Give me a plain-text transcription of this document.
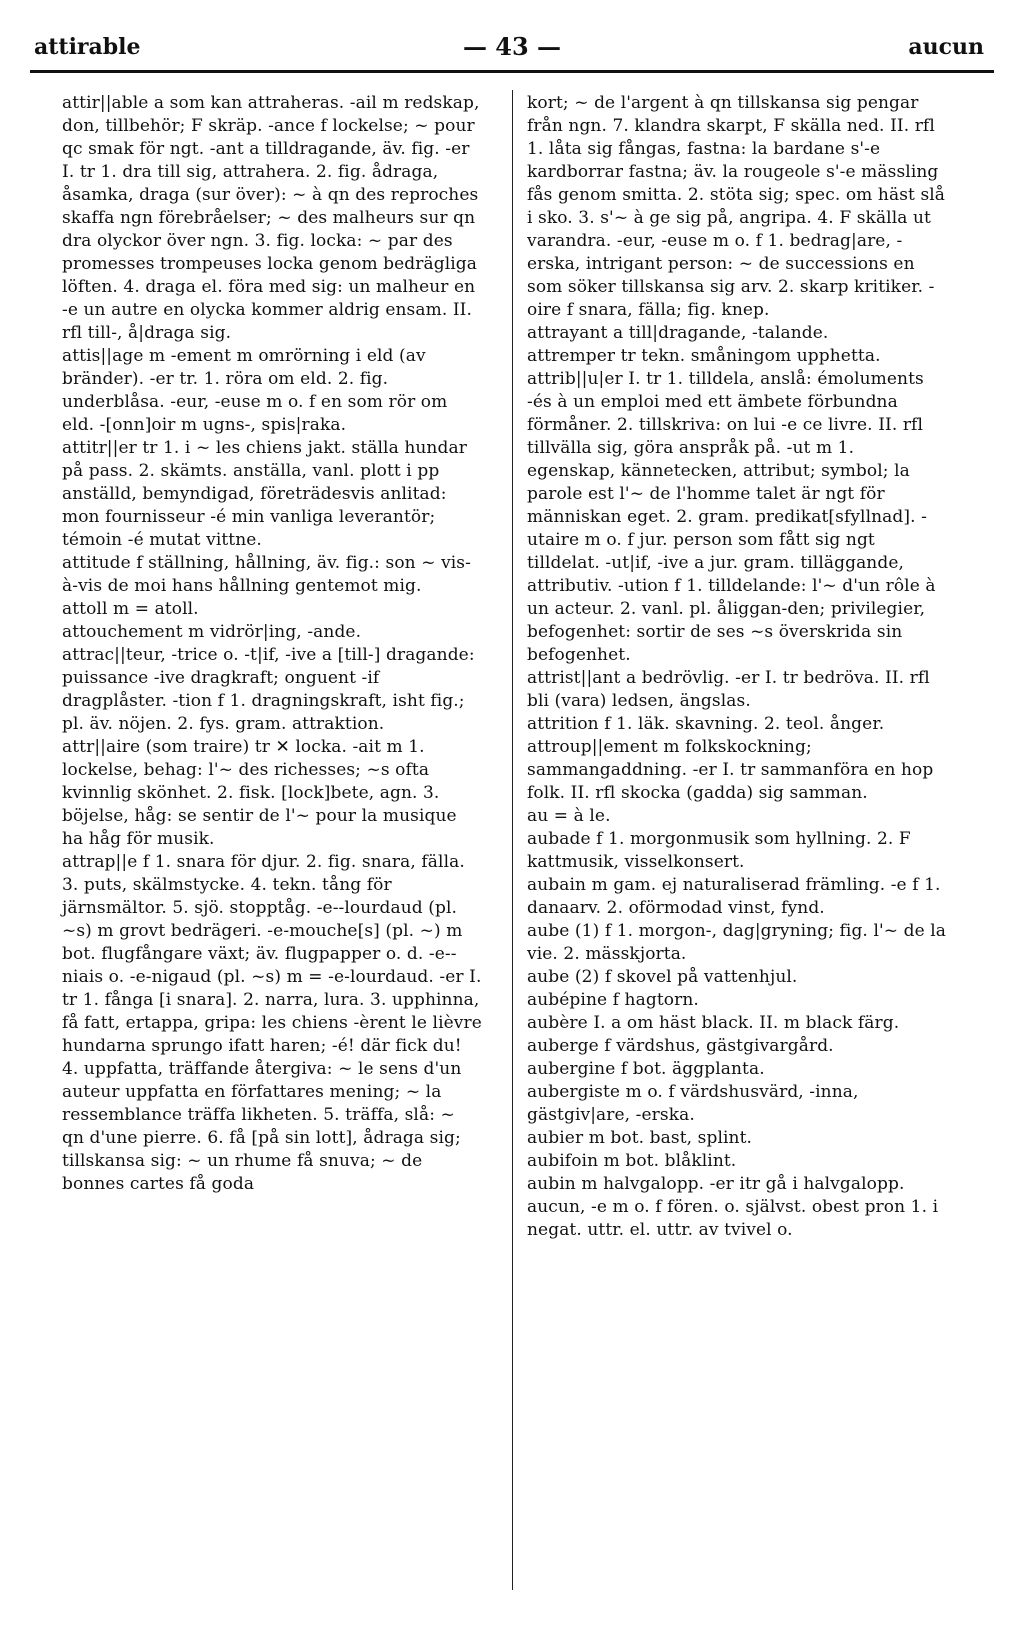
attirable	— 43 —	aucun

attir||able a som kan attraheras. -ail m redskap, don, tillbehör; F skräp. -ance f lockelse; ~ pour qc smak för ngt. -ant a tilldragande, äv. fig. -er I. tr 1. dra till sig, attrahera. 2. fig. ådraga, åsamka, draga (sur över): ~ à qn des reproches skaffa ngn förebråelser; ~ des malheurs sur qn dra olyckor över ngn. 3. fig. locka: ~ par des promesses trompeuses locka genom bedrägliga löften. 4. draga el. föra med sig: un malheur en -e un autre en olycka kommer aldrig ensam. II. rfl till-, å|draga sig.

attis||age m -ement m omrörning i eld (av bränder). -er tr. 1. röra om eld. 2. fig. underblåsa. -eur, -euse m o. f en som rör om eld. -[onn]oir m ugns-, spis|raka.

attitr||er tr 1. i ~ les chiens jakt. ställa hundar på pass. 2. skämts. anställa, vanl. plott i pp anställd, bemyndigad, företrädesvis anlitad: mon fournisseur -é min vanliga leverantör; témoin -é mutat vittne.

attitude f ställning, hållning, äv. fig.: son ~ vis-à-vis de moi hans hållning gentemot mig.

attoll m = atoll.

attouchement m vidrör|ing, -ande.

attrac||teur, -trice o. -t|if, -ive a [till-] dragande: puissance -ive dragkraft; onguent -if dragplåster. -tion f 1. dragningskraft, isht fig.; pl. äv. nöjen. 2. fys. gram. attraktion.

attr||aire (som traire) tr ✕ locka. -ait m 1. lockelse, behag: l'~ des richesses; ~s ofta kvinnlig skönhet. 2. fisk. [lock]bete, agn. 3. böjelse, håg: se sentir de l'~ pour la musique ha håg för musik.

attrap||e f 1. snara för djur. 2. fig. snara, fälla. 3. puts, skälmstycke. 4. tekn. tång för järnsmältor. 5. sjö. stopptåg. -e--lourdaud (pl. ~s) m grovt bedrägeri. -e-mouche[s] (pl. ~) m bot. flugfångare växt; äv. flugpapper o. d. -e--niais o. -e-nigaud (pl. ~s) m = -e-lourdaud. -er I. tr 1. fånga [i snara]. 2. narra, lura. 3. upphinna, få fatt, ertappa, gripa: les chiens -èrent le lièvre hundarna sprungo ifatt haren; -é! där fick du! 4. uppfatta, träffande återgiva: ~ le sens d'un auteur uppfatta en författares mening; ~ la ressemblance träffa likheten. 5. träffa, slå: ~ qn d'une pierre. 6. få [på sin lott], ådraga sig; tillskansa sig: ~ un rhume få snuva; ~ de bonnes cartes få goda

kort; ~ de l'argent à qn tillskansa sig pengar från ngn. 7. klandra skarpt, F skälla ned. II. rfl 1. låta sig fångas, fastna: la bardane s'-e kardborrar fastna; äv. la rougeole s'-e mässling fås genom smitta. 2. stöta sig; spec. om häst slå i sko. 3. s'~ à ge sig på, angripa. 4. F skälla ut varandra. -eur, -euse m o. f 1. bedrag|are, -erska, intrigant person: ~ de successions en som söker tillskansa sig arv. 2. skarp kritiker. -oire f snara, fälla; fig. knep.

attrayant a till|dragande, -talande.

attremper tr tekn. småningom upphetta.

attrib||u|er I. tr 1. tilldela, anslå: émoluments -és à un emploi med ett ämbete förbundna förmåner. 2. tillskriva: on lui -e ce livre. II. rfl tillvälla sig, göra anspråk på. -ut m 1. egenskap, kännetecken, attribut; symbol; la parole est l'~ de l'homme talet är ngt för människan eget. 2. gram. predikat[sfyllnad]. -utaire m o. f jur. person som fått sig ngt tilldelat. -ut|if, -ive a jur. gram. tilläggande, attributiv. -ution f 1. tilldelande: l'~ d'un rôle à un acteur. 2. vanl. pl. åliggan-den; privilegier, befogenhet: sortir de ses ~s överskrida sin befogenhet.

attrist||ant a bedrövlig. -er I. tr bedröva. II. rfl bli (vara) ledsen, ängslas.

attrition f 1. läk. skavning. 2. teol. ånger.

attroup||ement m folkskockning; sammangaddning. -er I. tr sammanföra en hop folk. II. rfl skocka (gadda) sig samman.

au = à le.

aubade f 1. morgonmusik som hyllning. 2. F kattmusik, visselkonsert.

aubain m gam. ej naturaliserad främling. -e f 1. danaarv. 2. oförmodad vinst, fynd.

aube (1) f 1. morgon-, dag|gryning; fig. l'~ de la vie. 2. mässkjorta.

aube (2) f skovel på vattenhjul.

aubépine f hagtorn.

aubère I. a om häst black. II. m black färg.

auberge f värdshus, gästgivargård.

aubergine f bot. äggplanta.

aubergiste m o. f värdshusvärd, -inna, gästgiv|are, -erska.

aubier m bot. bast, splint.

aubifoin m bot. blåklint.

aubin m halvgalopp. -er itr gå i halvgalopp.

aucun, -e m o. f fören. o. självst. obest pron 1. i negat. uttr. el. uttr. av tvivel o.
